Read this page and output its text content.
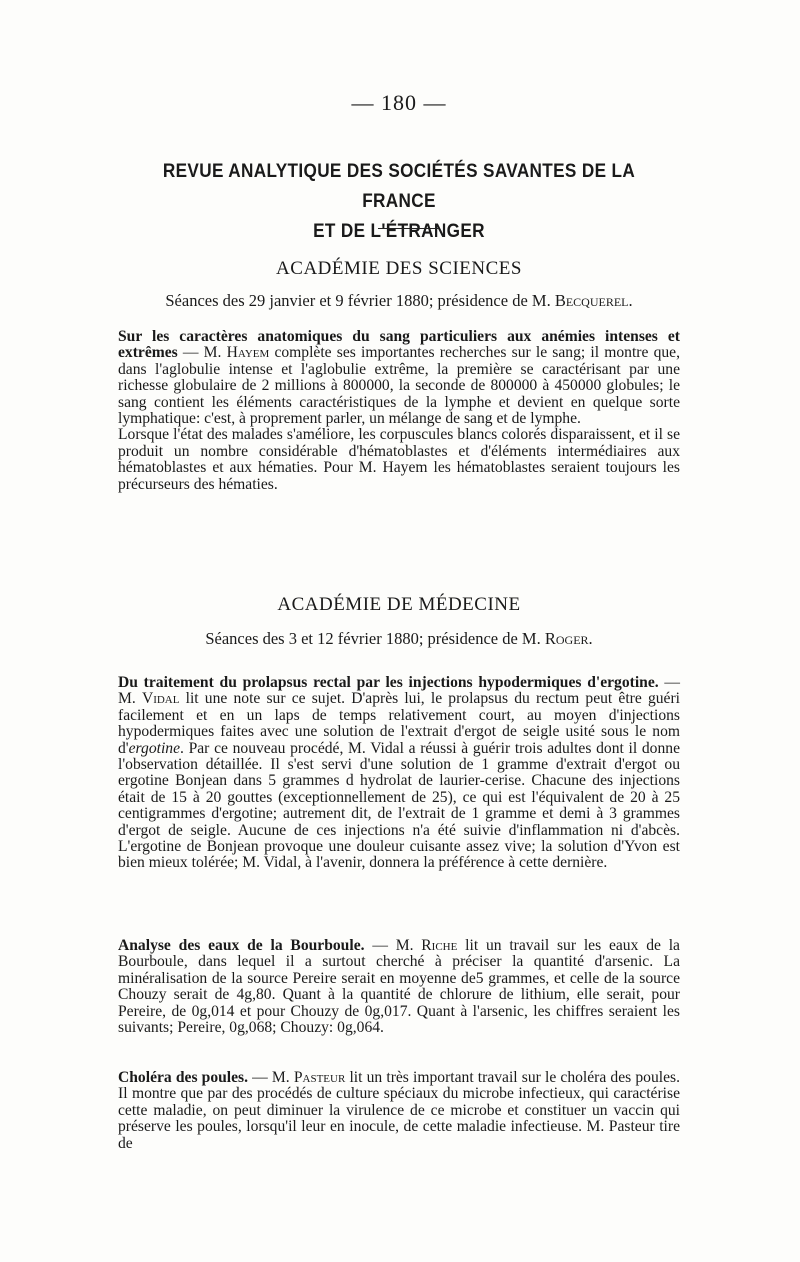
— 180 —
REVUE ANALYTIQUE DES SOCIÉTÉS SAVANTES DE LA FRANCE
ET DE L'ÉTRANGER
ACADÉMIE DES SCIENCES
Séances des 29 janvier et 9 février 1880; présidence de M. Becquerel.

Sur les caractères anatomiques du sang particuliers aux anémies intenses et extrêmes — M. Hayem complète ses importantes recherches sur le sang; il montre que, dans l'aglobulie intense et l'aglobulie extrême, la première se caractérisant par une richesse globulaire de 2 millions à 800000, la seconde de 800000 à 450000 globules; le sang contient les éléments caractéristiques de la lymphe et devient en quelque sorte lymphatique: c'est, à proprement parler, un mélange de sang et de lymphe.

Lorsque l'état des malades s'améliore, les corpuscules blancs colorés disparaissent, et il se produit un nombre considérable d'hématoblastes et d'éléments intermédiaires aux hématoblastes et aux hématies. Pour M. Hayem les hématoblastes seraient toujours les précurseurs des hématies.

ACADÉMIE DE MÉDECINE
Séances des 3 et 12 février 1880; présidence de M. Roger.

Du traitement du prolapsus rectal par les injections hypodermiques d'ergotine. — M. Vidal lit une note sur ce sujet. D'après lui, le prolapsus du rectum peut être guéri facilement et en un laps de temps relativement court, au moyen d'injections hypodermiques faites avec une solution de l'extrait d'ergot de seigle usité sous le nom d'ergotine. Par ce nouveau procédé, M. Vidal a réussi à guérir trois adultes dont il donne l'observation détaillée. Il s'est servi d'une solution de 1 gramme d'extrait d'ergot ou ergotine Bonjean dans 5 grammes d hydrolat de laurier-cerise. Chacune des injections était de 15 à 20 gouttes (exceptionnellement de 25), ce qui est l'équivalent de 20 à 25 centigrammes d'ergotine; autrement dit, de l'extrait de 1 gramme et demi à 3 grammes d'ergot de seigle. Aucune de ces injections n'a été suivie d'inflammation ni d'abcès. L'ergotine de Bonjean provoque une douleur cuisante assez vive; la solution d'Yvon est bien mieux tolérée; M. Vidal, à l'avenir, donnera la préférence à cette dernière.

Analyse des eaux de la Bourboule. — M. Riche lit un travail sur les eaux de la Bourboule, dans lequel il a surtout cherché à préciser la quantité d'arsenic. La minéralisation de la source Pereire serait en moyenne de5 grammes, et celle de la source Chouzy serait de 4g,80. Quant à la quantité de chlorure de lithium, elle serait, pour Pereire, de 0g,014 et pour Chouzy de 0g,017. Quant à l'arsenic, les chiffres seraient les suivants; Pereire, 0g,068; Chouzy: 0g,064.

Choléra des poules. — M. Pasteur lit un très important travail sur le choléra des poules. Il montre que par des procédés de culture spéciaux du microbe infectieux, qui caractérise cette maladie, on peut diminuer la virulence de ce microbe et constituer un vaccin qui préserve les poules, lorsqu'il leur en inocule, de cette maladie infectieuse. M. Pasteur tire de
